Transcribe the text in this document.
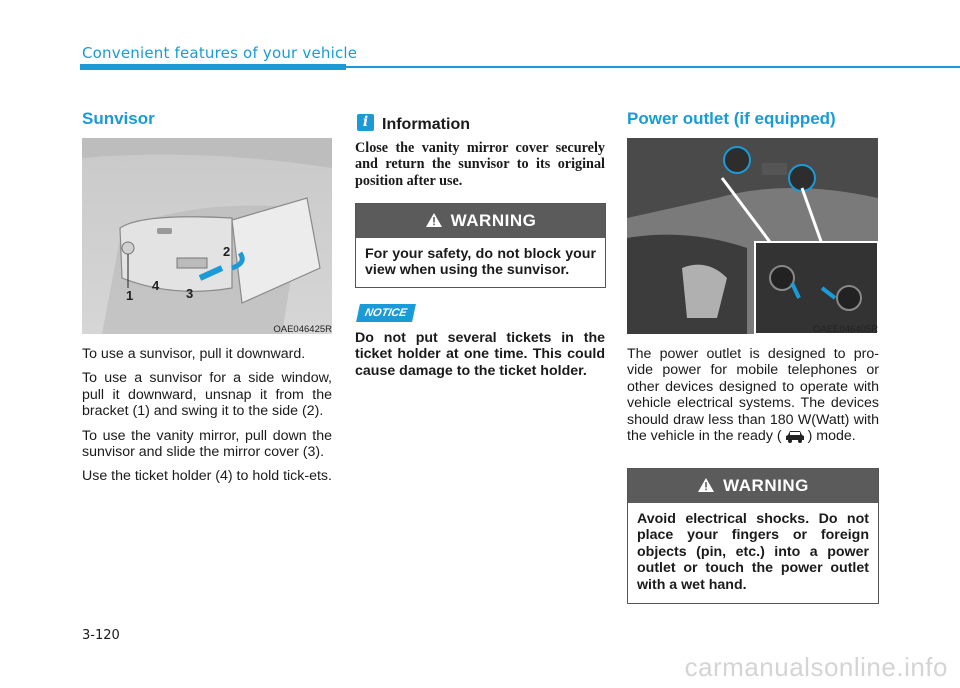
Convenient features of your vehicle
Sunvisor
1
2
3
4
OAE046425R

To use a sunvisor, pull it downward.

To use a sunvisor for a side window, pull it downward, unsnap it from the bracket (1) and swing it to the side (2).

To use the vanity mirror, pull down the sunvisor and slide the mirror cover (3).

Use the ticket holder (4) to hold tick-ets.

i Information
Close the vanity mirror cover securely and return the sunvisor to its original position after use.
WARNING
For your safety, do not block your view when using the sunvisor.
NOTICE
Do not put several tickets in the ticket holder at one time. This could cause damage to the ticket holder.
Power outlet (if equipped)
OAEE046405R
The power outlet is designed to pro-vide power for mobile telephones or other devices designed to operate with vehicle electrical systems. The devices should draw less than 180 W(Watt) with the vehicle in the ready ( ) mode.
WARNING
Avoid electrical shocks. Do not place your fingers or foreign objects (pin, etc.) into a power outlet or touch the power outlet with a wet hand.
3-120
carmanualsonline.info
